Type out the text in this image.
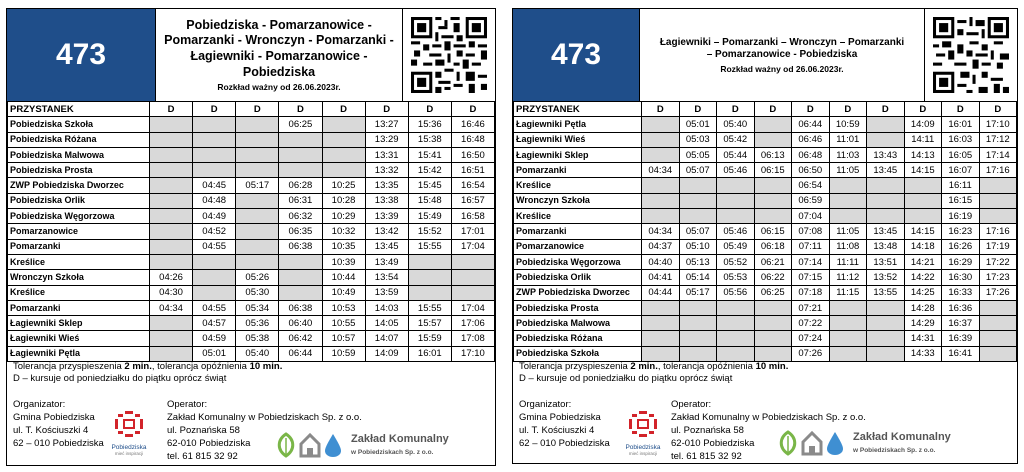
473
Pobiedziska - Pomarzanowice -
Pomarzanki - Wronczyn - Pomarzanki -
Łagiewniki - Pomarzanowice -
Pobiedziska
Rozkład ważny od 26.06.2023r.
PRZYSTANEK	D	D	D	D	D	D	D	D
Pobiedziska Szkoła				06:25		13:27	15:36	16:46
Pobiedziska Różana						13:29	15:38	16:48
Pobiedziska Malwowa						13:31	15:41	16:50
Pobiedziska Prosta						13:32	15:42	16:51
ZWP Pobiedziska Dworzec		04:45	05:17	06:28	10:25	13:35	15:45	16:54
Pobiedziska Orlik		04:48		06:31	10:28	13:38	15:48	16:57
Pobiedziska Węgorzowa		04:49		06:32	10:29	13:39	15:49	16:58
Pomarzanowice		04:52		06:35	10:32	13:42	15:52	17:01
Pomarzanki		04:55		06:38	10:35	13:45	15:55	17:04
Kreślice					10:39	13:49		
Wronczyn Szkoła	04:26		05:26		10:44	13:54		
Kreślice	04:30		05:30		10:49	13:59		
Pomarzanki	04:34	04:55	05:34	06:38	10:53	14:03	15:55	17:04
Łagiewniki Sklep		04:57	05:36	06:40	10:55	14:05	15:57	17:06
Łagiewniki Wieś		04:59	05:38	06:42	10:57	14:07	15:59	17:08
Łagiewniki Pętla		05:01	05:40	06:44	10:59	14:09	16:01	17:10
Tolerancja przyspieszenia 2 min., tolerancja opóźnienia 10 min.
D – kursuje od poniedziałku do piątku oprócz świąt
Organizator:
Gmina Pobiedziska
ul. T. Kościuszki 4
62 – 010 Pobiedziska	Pobiedziska
mieć inspiracji
Operator:
Zakład Komunalny w Pobiedziskach Sp. z o.o.
ul. Poznańska 58
62-010 Pobiedziska
tel. 61 815 32 92
Zakład Komunalny
w Pobiedziskach Sp. z o.o.
473	Łagiewniki – Pomarzanki – Wronczyn – Pomarzanki
– Pomarzanowice - Pobiedziska
Rozkład ważny od 26.06.2023r.
PRZYSTANEK	D	D	D	D	D	D	D	D	D	D
Łagiewniki Pętla		05:01	05:40		06:44	10:59		14:09	16:01	17:10
Łagiewniki Wieś		05:03	05:42		06:46	11:01		14:11	16:03	17:12
Łagiewniki Sklep		05:05	05:44	06:13	06:48	11:03	13:43	14:13	16:05	17:14
Pomarzanki	04:34	05:07	05:46	06:15	06:50	11:05	13:45	14:15	16:07	17:16
Kreślice					06:54				16:11	
Wronczyn Szkoła					06:59				16:15	
Kreślice					07:04				16:19	
Pomarzanki	04:34	05:07	05:46	06:15	07:08	11:05	13:45	14:15	16:23	17:16
Pomarzanowice	04:37	05:10	05:49	06:18	07:11	11:08	13:48	14:18	16:26	17:19
Pobiedziska Węgorzowa	04:40	05:13	05:52	06:21	07:14	11:11	13:51	14:21	16:29	17:22
Pobiedziska Orlik	04:41	05:14	05:53	06:22	07:15	11:12	13:52	14:22	16:30	17:23
ZWP Pobiedziska Dworzec	04:44	05:17	05:56	06:25	07:18	11:15	13:55	14:25	16:33	17:26
Pobiedziska Prosta					07:21			14:28	16:36	
Pobiedziska Malwowa					07:22			14:29	16:37	
Pobiedziska Różana					07:24			14:31	16:39	
Pobiedziska Szkoła					07:26			14:33	16:41	
Tolerancja przyspieszenia 2 min., tolerancja opóźnienia 10 min.
D – kursuje od poniedziałku do piątku oprócz świąt
Organizator:
Gmina Pobiedziska
ul. T. Kościuszki 4
62 – 010 Pobiedziska	Pobiedziska
mieć inspiracji
Operator:
Zakład Komunalny w Pobiedziskach Sp. z o.o.
ul. Poznańska 58
62-010 Pobiedziska
tel. 61 815 32 92
Zakład Komunalny
w Pobiedziskach Sp. z o.o.
